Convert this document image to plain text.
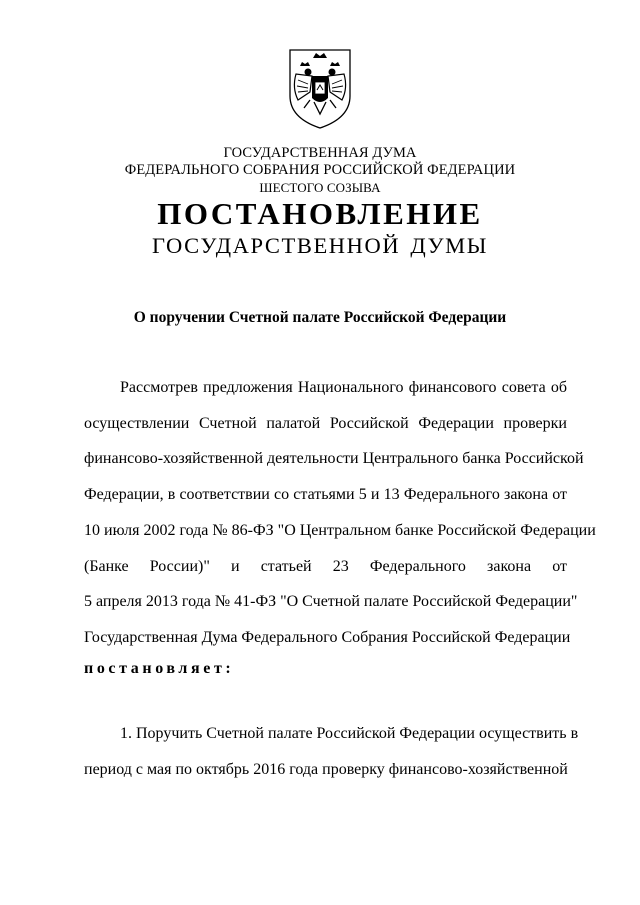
ГОСУДАРСТВЕННАЯ ДУМА
ФЕДЕРАЛЬНОГО СОБРАНИЯ РОССИЙСКОЙ ФЕДЕРАЦИИ
ШЕСТОГО СОЗЫВА
ПОСТАНОВЛЕНИЕ
ГОСУДАРСТВЕННОЙ ДУМЫ
О поручении Счетной палате Российской Федерации
Рассмотрев предложения Национального финансового совета об
осуществлении Счетной палатой Российской Федерации проверки
финансово-хозяйственной деятельности Центрального банка Российской
Федерации, в соответствии со статьями 5 и 13 Федерального закона от
10 июля 2002 года № 86-ФЗ "О Центральном банке Российской Федерации
(Банке России)" и статьей 23 Федерального закона от
5 апреля 2013 года № 41-ФЗ "О Счетной палате Российской Федерации"
Государственная Дума Федерального Собрания Российской Федерации
постановляет:
1. Поручить Счетной палате Российской Федерации осуществить в
период с мая по октябрь 2016 года проверку финансово-хозяйственной
